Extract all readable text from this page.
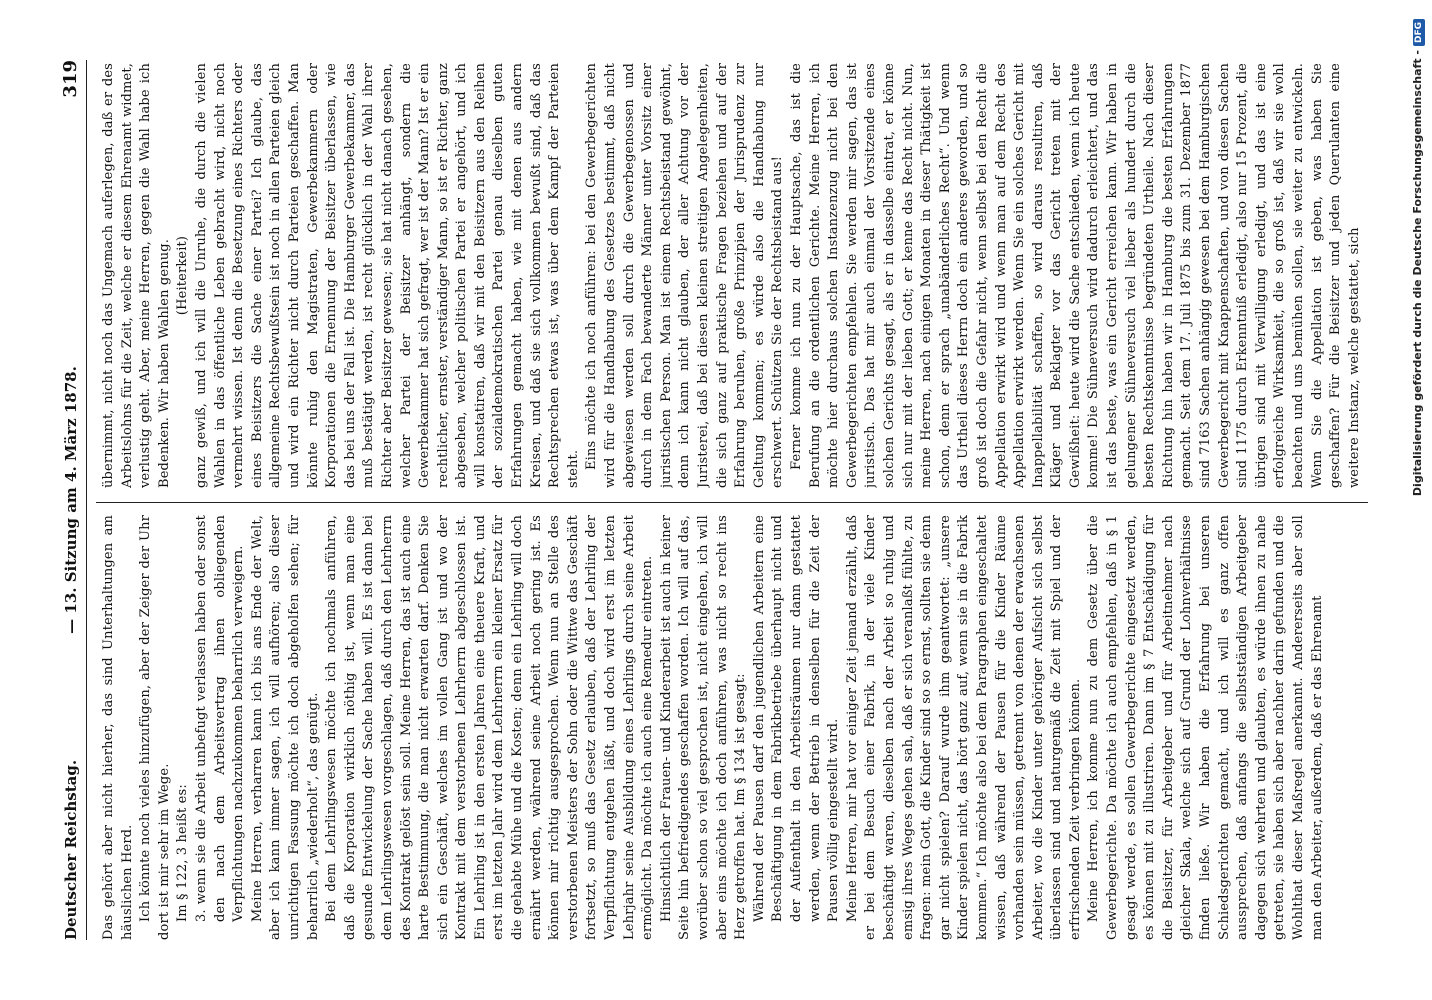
Deutscher Reichstag.
— 13. Sitzung am 4. März 1878.
319

Das gehört aber nicht hierher, das sind Unterhaltungen am häuslichen Herd. Ich könnte noch vieles hinzufügen, aber der Zeiger der Uhr dort ist mir sehr im Wege. Im § 122, 3 heißt es: 3. wenn sie die Arbeit unbefugt verlassen haben oder sonst den nach dem Arbeitsvertrag ihnen obliegenden Verpflichtungen nachzukommen beharrlich verweigern. Meine Herren, verharren kann ich bis ans Ende der Welt, aber ich kann immer sagen, ich will aufhören; also dieser unrichtigen Fassung möchte ich doch abgeholfen sehen; für beharrlich „wiederholt“, das genügt. Bei dem Lehrlingswesen möchte ich nochmals anführen, daß die Korporation wirklich nöthig ist, wenn man eine gesunde Entwickelung der Sache haben will. Es ist dann bei dem Lehrlingswesen vorgeschlagen, daß durch den Lehrherrn des Kontrakt gelöst sein soll. Meine Herren, das ist auch eine harte Bestimmung, die man nicht erwarten darf. Denken Sie sich ein Geschäft, welches im vollen Gang ist und wo der Kontrakt mit dem verstorbenen Lehrherrn abgeschlossen ist. Ein Lehrling ist in den ersten Jahren eine theuere Kraft, und erst im letzten Jahr wird dem Lehrherrn ein kleiner Ersatz für die gehabte Mühe und die Kosten; denn ein Lehrling will doch ernährt werden, während seine Arbeit noch gering ist. Es können mir richtig ausgesprochen. Wenn nun an Stelle des verstorbenen Meisters der Sohn oder die Wittwe das Geschäft fortsetzt, so muß das Gesetz erlauben, daß der Lehrling der Verpflichtung entgehen läßt, und doch wird erst im letzten Lehrjahr seine Ausbildung eines Lehrlings durch seine Arbeit ermöglicht. Da möchte ich auch eine Remedur eintreten. Hinsichtlich der Frauen- und Kinderarbeit ist auch in keiner Seite hin befriedigendes geschaffen worden. Ich will auf das, worüber schon so viel gesprochen ist, nicht eingehen, ich will aber eins möchte ich doch anführen, was nicht so recht ins Herz getroffen hat. Im § 134 ist gesagt: Während der Pausen darf den jugendlichen Arbeitern eine Beschäftigung in dem Fabrikbetriebe überhaupt nicht und der Aufenthalt in den Arbeitsräumen nur dann gestattet werden, wenn der Betrieb in denselben für die Zeit der Pausen völlig eingestellt wird. Meine Herren, mir hat vor einiger Zeit jemand erzählt, daß er bei dem Besuch einer Fabrik, in der viele Kinder beschäftigt waren, dieselben nach der Arbeit so ruhig und emsig ihres Weges gehen sah, daß er sich veranlaßt fühlte, zu fragen: mein Gott, die Kinder sind so so ernst, sollten sie denn gar nicht spielen? Darauf wurde ihm geantwortet: „unsere Kinder spielen nicht, das hört ganz auf, wenn sie in die Fabrik kommen.“ Ich möchte also bei dem Paragraphen eingeschaltet wissen, daß während der Pausen für die Kinder Räume vorhanden sein müssen, getrennt von denen der erwachsenen Arbeiter, wo die Kinder unter gehöriger Aufsicht sich selbst überlassen sind und naturgemäß die Zeit mit Spiel und der erfrischenden Zeit verbringen können. Meine Herren, ich komme nun zu dem Gesetz über die Gewerbegerichte. Da möchte ich auch empfehlen, daß in § 1 gesagt werde, es sollen Gewerbegerichte eingesetzt werden, es können mit zu illustriren. Dann im § 7 Entschädigung für die Beisitzer, für Arbeitgeber und für Arbeitnehmer nach gleicher Skala, welche sich auf Grund der Lohnverhältnisse finden ließe. Wir haben die Erfahrung bei unseren Schiedsgerichten gemacht, und ich will es ganz offen aussprechen, daß anfangs die selbstständigen Arbeitgeber dagegen sich wehrten und glaubten, es würde ihnen zu nahe getreten, sie haben sich aber nachher darin gefunden und die Wohlthat dieser Maßregel anerkannt. Andererseits aber soll man den Arbeiter, außerdem, daß er das Ehrenamt

übernimmt, nicht noch das Ungemach auferlegen, daß er des Arbeitslohns für die Zeit, welche er diesem Ehrenamt widmet, verlustig geht. Aber, meine Herren, gegen die Wahl habe ich Bedenken. Wir haben Wahlen genug. (Heiterkeit) ganz gewiß, und ich will die Unruhe, die durch die vielen Wahlen in das öffentliche Leben gebracht wird, nicht noch vermehrt wissen. Ist denn die Besetzung eines Richters oder eines Beisitzers die Sache einer Partei? Ich glaube, das allgemeine Rechtsbewußtsein ist noch in allen Parteien gleich und wird ein Richter nicht durch Parteien geschaffen. Man könnte ruhig den Magistraten, Gewerbekammern oder Korporationen die Ernennung der Beisitzer überlassen, wie das bei uns der Fall ist. Die Hamburger Gewerbekammer, das muß bestätigt werden, ist recht glücklich in der Wahl ihrer Richter aber Beisitzer gewesen; sie hat nicht danach gesehen, welcher Partei der Beisitzer anhängt, sondern die Gewerbekammer hat sich gefragt, wer ist der Mann? Ist er ein rechtlicher, ernster, verständiger Mann, so ist er Richter, ganz abgesehen, welcher politischen Partei er angehört, und ich will konstatiren, daß wir mit den Beisitzern aus den Reihen der sozialdemokratischen Partei genau dieselben guten Erfahrungen gemacht haben, wie mit denen aus andern Kreisen, und daß sie sich vollkommen bewußt sind, daß das Rechtsprechen etwas ist, was über dem Kampf der Parteien steht. Eins möchte ich noch anführen: bei den Gewerbegerichten wird für die Handhabung des Gesetzes bestimmt, daß nicht abgewiesen werden soll durch die Gewerbegenossen und durch in dem Fach bewanderte Männer unter Vorsitz einer juristischen Person. Man ist einem Rechtsbeistand gewöhnt, denn ich kann nicht glauben, der aller Achtung vor der Juristerei, daß bei diesen kleinen streitigen Angelegenheiten, die sich ganz auf praktische Fragen beziehen und auf der Erfahrung beruhen, große Prinzipien der Jurisprudenz zur Geltung kommen; es würde also die Handhabung nur erschwert. Schützen Sie der Rechtsbeistand aus! Ferner komme ich nun zu der Hauptsache, das ist die Berufung an die ordentlichen Gerichte. Meine Herren, ich möchte hier durchaus solchen Instanzenzug nicht bei den Gewerbegerichten empfehlen. Sie werden mir sagen, das ist juristisch. Das hat mir auch einmal der Vorsitzende eines solchen Gerichts gesagt, als er in dasselbe eintrat, er könne sich nur mit der lieben Gott; er kenne das Recht nicht. Nun, meine Herren, nach einigen Monaten in dieser Thätigkeit ist schon, denn er sprach „unabänderliches Recht“. Und wenn das Urtheil dieses Herrn doch ein anderes geworden, und so groß ist doch die Gefahr nicht, wenn selbst bei den Recht die Appellation erwirkt wird und wenn man auf dem Recht des Appellation erwirkt werden. Wenn Sie ein solches Gericht mit Inappellabilität schaffen, so wird daraus resultiren, daß Kläger und Beklagter vor das Gericht treten mit der Gewißheit: heute wird die Sache entschieden, wenn ich heute komme! Die Sühneversuch wird dadurch erleichtert, und das ist das beste, was ein Gericht erreichen kann. Wir haben in gelungener Sühneversuch viel lieber als hundert durch die besten Rechtskenntnisse begründeten Urtheile. Nach dieser Richtung hin haben wir in Hamburg die besten Erfahrungen gemacht. Seit dem 17. Juli 1875 bis zum 31. Dezember 1877 sind 7163 Sachen anhängig gewesen bei dem Hamburgischen Gewerbegericht mit Knappenschaften, und von diesen Sachen sind 1175 durch Erkenntniß erledigt, also nur 15 Prozent, die übrigen sind mit Verwilligung erledigt, und das ist eine erfolgreiche Wirksamkeit, die so groß ist, daß wir sie wohl beachten und uns bemühen sollen, sie weiter zu entwickeln. Wenn Sie die Appellation ist geben, was haben Sie geschaffen? Für die Beisitzer und jeden Querulanten eine weitere Instanz, welche gestattet, sich	Digitalisierung gefördert durch die Deutsche Forschungsgemeinschaft -DFG
